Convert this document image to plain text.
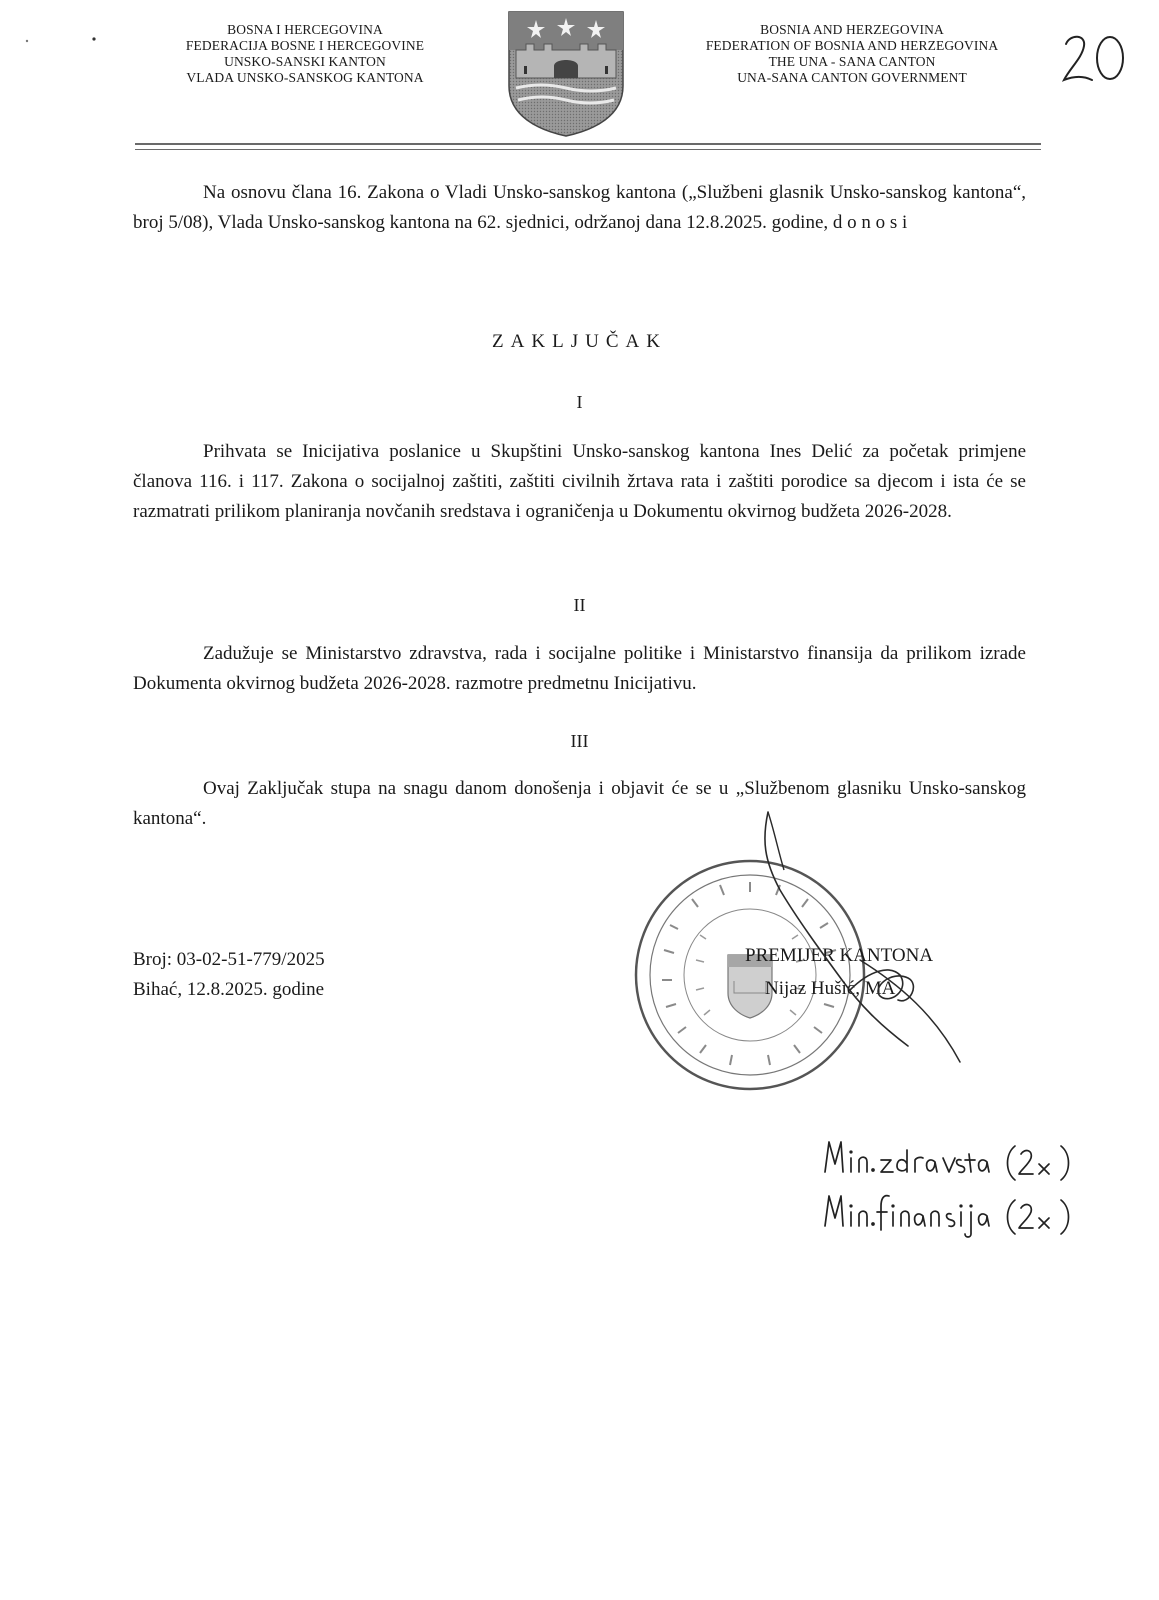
BOSNA I HERCEGOVINA
FEDERACIJA BOSNE I HERCEGOVINE
UNSKO-SANSKI KANTON
VLADA UNSKO-SANSKOG KANTONA
BOSNIA AND HERZEGOVINA
FEDERATION OF BOSNIA AND HERZEGOVINA
THE UNA - SANA CANTON
UNA-SANA CANTON GOVERNMENT
Na osnovu člana 16. Zakona o Vladi Unsko-sanskog kantona („Službeni glasnik Unsko-sanskog kantona“, broj 5/08), Vlada Unsko-sanskog kantona na 62. sjednici, održanoj dana 12.8.2025. godine, d o n o s i
ZAKLJUČAK
I
Prihvata se Inicijativa poslanice u Skupštini Unsko-sanskog kantona Ines Delić za početak primjene članova 116. i 117. Zakona o socijalnoj zaštiti, zaštiti civilnih žrtava rata i zaštiti porodice sa djecom i ista će se razmatrati prilikom planiranja novčanih sredstava i ograničenja u Dokumentu okvirnog budžeta 2026-2028.
II
Zadužuje se Ministarstvo zdravstva, rada i socijalne politike i Ministarstvo finansija da prilikom izrade Dokumenta okvirnog budžeta 2026-2028. razmotre predmetnu Inicijativu.
III
Ovaj Zaključak stupa na snagu danom donošenja i objavit će se u „Službenom glasniku Unsko-sanskog kantona“.
Broj: 03-02-51-779/2025
Bihać, 12.8.2025. godine
PREMIJER KANTONA
Nijaz Hušić, MA
